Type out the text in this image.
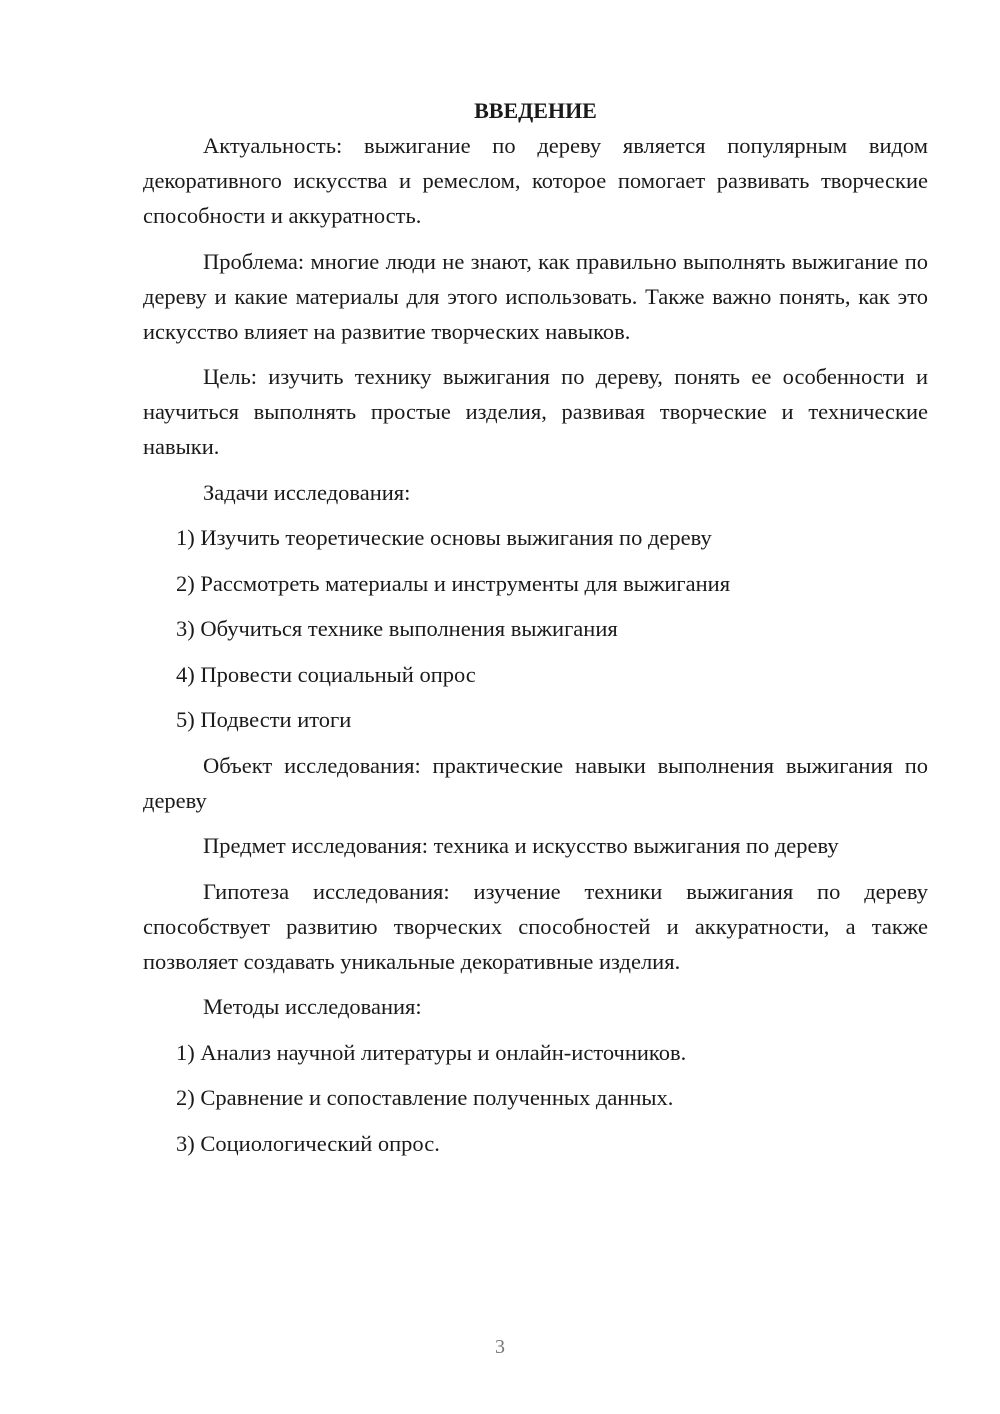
ВВЕДЕНИЕ

Актуальность: выжигание по дереву является популярным видом декоративного искусства и ремеслом, которое помогает развивать творческие способности и аккуратность.

Проблема: многие люди не знают, как правильно выполнять выжигание по дереву и какие материалы для этого использовать. Также важно понять, как это искусство влияет на развитие творческих навыков.

Цель: изучить технику выжигания по дереву, понять ее особенности и научиться выполнять простые изделия, развивая творческие и технические навыки.

Задачи исследования:

1) Изучить теоретические основы выжигания по дереву
2) Рассмотреть материалы и инструменты для выжигания
3) Обучиться технике выполнения выжигания
4) Провести социальный опрос
5) Подвести итоги

Объект исследования: практические навыки выполнения выжигания по дереву

Предмет исследования: техника и искусство выжигания по дереву

Гипотеза исследования: изучение техники выжигания по дереву способствует развитию творческих способностей и аккуратности, а также позволяет создавать уникальные декоративные изделия.

Методы исследования:

1) Анализ научной литературы и онлайн-источников.
2) Сравнение и сопоставление полученных данных.
3) Социологический опрос.
3
